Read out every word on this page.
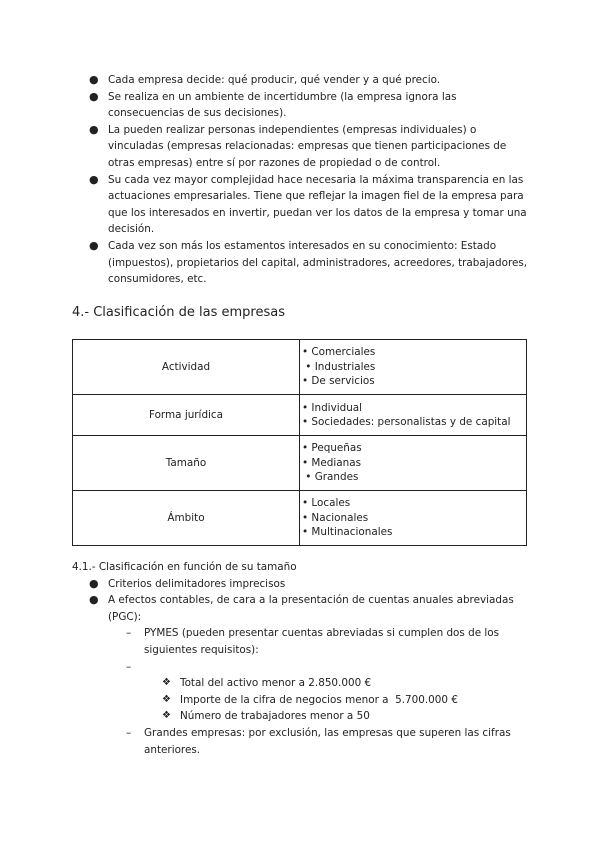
● Cada empresa decide: qué producir, qué vender y a qué precio.
● Se realiza en un ambiente de incertidumbre (la empresa ignora las consecuencias de sus decisiones).
● La pueden realizar personas independientes (empresas individuales) o vinculadas (empresas relacionadas: empresas que tienen participaciones de otras empresas) entre sí por razones de propiedad o de control.
● Su cada vez mayor complejidad hace necesaria la máxima transparencia en las actuaciones empresariales. Tiene que reflejar la imagen fiel de la empresa para que los interesados en invertir, puedan ver los datos de la empresa y tomar una decisión.
● Cada vez son más los estamentos interesados en su conocimiento: Estado (impuestos), propietarios del capital, administradores, acreedores, trabajadores, consumidores, etc.
4.- Clasificación de las empresas
Actividad	• Comerciales
• Industriales
• De servicios

Forma jurídica	• Individual
• Sociedades: personalistas y de capital

Tamaño	• Pequeñas
• Medianas
• Grandes

Ámbito	• Locales
• Nacionales
• Multinacionales
4.1.- Clasificación en función de su tamaño
● Criterios delimitadores imprecisos
● A efectos contables, de cara a la presentación de cuentas anuales abreviadas (PGC):
– PYMES (pueden presentar cuentas abreviadas si cumplen dos de los siguientes requisitos):
–
❖ Total del activo menor a 2.850.000 €
❖ Importe de la cifra de negocios menor a  5.700.000 €
❖ Número de trabajadores menor a 50
– Grandes empresas: por exclusión, las empresas que superen las cifras anteriores.
